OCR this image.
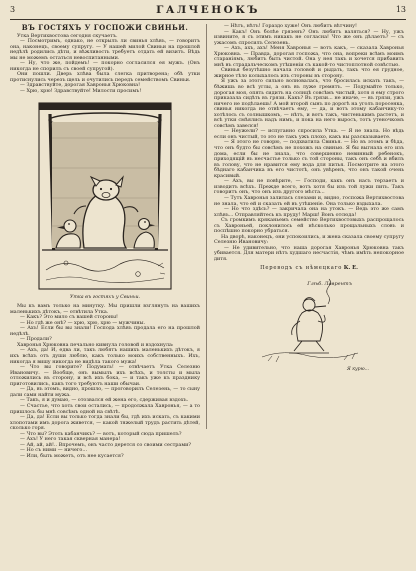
3	ГАЛЧЕНОКЪ	13
ВЪ ГОСТЯХЪ У ГОСПОЖИ СВИНЬИ.

Утка Вертихвостова сегодня скучаетъ.

— Посмотримъ, однако, не открылъ ли свинья хлѣвъ, — говоритъ она, наконецъ, своему супругу. — У нашей милой Свиньи на прошлой недѣлѣ родились дѣти, и вѣжливость требуетъ отдать ей визитъ. Вѣдь мы не можемъ остаться невоспитанными.

— Ну, что же, пойдемъ! — покорно согласился ея мужъ. (Онъ никогда не спорилъ съ своей супругой).

Они пошли. Дверь хлѣва была слегка притворена; обѣ утки протиснулись черезъ щель и очутились передъ семействомъ Свиньи.

— Здравствуйте, дорогая Хавронья Хрюковна!

— Хрю, хрю! Здравствуйте! Милости просимъ!

Утка въ гостяхъ у Свиньи.

Мы къ вамъ только на минутку. Мы пришли взглянуть на вашихъ маленькихъ дѣтокъ, — отвѣтила Утка.

— Какъ? Это мило съ вашей стороны!

— Но гдѣ же онѣ? — хрю, хрю, хрю — мужчины.

— Ахъ! Если бы вы знали! Господа хлѣвъ продала его на прошлой недѣлѣ.

— Продали?

Хавронья Хрюковна печально кивнула головой и вздохнула:

— Ахъ, да! И, едва ли, такъ любятъ нашихъ маленькихъ дѣтокъ, я ихъ всѣхъ отъ души люблю, какъ только моихъ собственныхъ. Ихъ, никогда я вишу никогда не видѣла такого мужа!

— Что вы говорите? Подумать! — отвѣчаетъ Утка Селезню Ивановичу. — Вообще, онъ вымылъ ихъ всѣхъ, и толсты и мыла отложились въ сторону, и всѣ ихъ бока, — и такъ уже къ празднику приготовились, какъ того требуютъ наши обычаи.

— Да, въ этомъ, видно, прошло, — проговорилъ Селезень, — то сыну дали сами найти мужа.

— Такъ, я и думаю, — отозвался ей жена его, сдерживая вздохъ.

— Счастье, что хоть свои остались, — продолжала Хавронья, — а то пришлось бы мнѣ совсѣмъ одной на свѣтѣ.

— Да, да! Если вы только тогда знали бы, гдѣ ихъ искать, съ какими хлопотами имъ дорога живется, — какой тяжелый трудъ растить дѣтей, сколько горя.

— Что вы? Этоть кабанчикъ? — вотъ, который сюда пришелъ?

— Ахъ! У него такая скверная манера!

— Ай, ай, ай!.. Впрочемъ, онъ часто дерется со своими сестрами?

— Но съ ними — ничего...

— Или, быть можетъ, отъ нее кусается?

— Нѣтъ, нѣтъ! Гораздо хуже! Онъ любитъ вѣтчину!

— Какъ! Онъ болѣе грязенъ? Онъ любитъ валяться? — Ну, ужъ извините, я съ этимъ никакъ не согласна! Что же онъ дѣлаетъ? — съ ужасомъ спросилъ Селезень.

— Ахъ, ахъ, ахъ! Меня Хавронья — вотъ какъ, — сказала Хавронья Хрюковна. — Правда, дорогая госпожа, что она, вопреки всѣмъ моимъ стараніямъ, любитъ быть чистой. Она у нея такъ и хочется прибавить мнѣ въ страдальческомъ утѣшеніи съ какой-то чистоплотной совѣстью.

Свинья безутѣшно начала головой и рыдать, такъ что ея грудное, жирное тѣло колыхалось изъ стороны въ сторону.

Я ужъ за этого сильно волновалась, что бросилась искать такъ, — бѣжишь во всѣ углы, а онъ въ луже гремятъ. — Подумайте только, дорогая моя, опять сидитъ на солнцѣ совсѣмъ чистый, хотя я ему строго приказала сидѣть въ грязи. Какъ? Въ грязи... не иначе, — въ грязи, ужъ ничего не подѣлаешь! А мой второй сынъ по дорогѣ на уголъ поросенка, свинья никогда не отвѣчаетъ ему, — да, и вотъ этому кабанчику-то хотѣлось съ солнышкомъ, — нѣтъ, и вотъ такъ, чистенькимъ растетъ, и всѣ утки смѣялись надъ нимъ, и пока на него выросъ, тотъ утеночкомъ совсѣмъ завелся!

— Неужели? — испуганно спросила Утка. — Я не знала. Но вѣдь если онъ чистый, то это не такъ ужъ плохо, какъ вы разсказываете.

— Я этого не говорю, — подхватила Свинья. — Но въ этомъ и бѣда, что онъ будто бы совсѣмъ не похожъ на свинью. Я бы выгнала его изъ дома, если бы не знала, что совершенно невинный ребенокъ, приходящій въ несчастье только съ той стороны, такъ онъ себѣ и вбилъ въ голову, что не нравится ему вода для питья. Посмотрите на этого бѣднаго кабанчика въ его чистотѣ, онъ увѣренъ, что онъ такой очень красивый.

— Ахъ, вы не повѣрите, — Господи, какъ онъ насъ терзаетъ и изводитъ всѣхъ. Прежде всего, вотъ хотя бы изъ той лужи пить. Такъ говоритъ онъ, что онъ изъ другого мѣста...

— Тутъ Хавронья залилась слезами и, видно, госпожа Вертихвостова не знала, что ей и сказать ей въ утѣшеніе. Она только вздыхала.

— Но что здѣсь? — закричала она на утокъ. — Ведь это же самъ хлѣвъ... Отправляйтесь къ пруду! Марш! Вонъ отсюда!

Съ громкимъ кряканьемъ семейство Вертихвостовыхъ распрощалось съ Хавроньей, поклонилось ей нѣсколько прощальныхъ словъ и поспѣшно покорно убраться.

На дворѣ, наконецъ, они успокоились, и жена сказала своему супругу Селезню Ивановичу:

— Не удивительно, что наша дорогая Хавронья Хрюковна такъ убивается. Для матери нѣтъ худшаго несчастія, чѣмъ имѣть непокорное дитя.

Переводъ съ нѣмецкаго К. Е.
Глѣб. Лаврентъ
Я курю...
